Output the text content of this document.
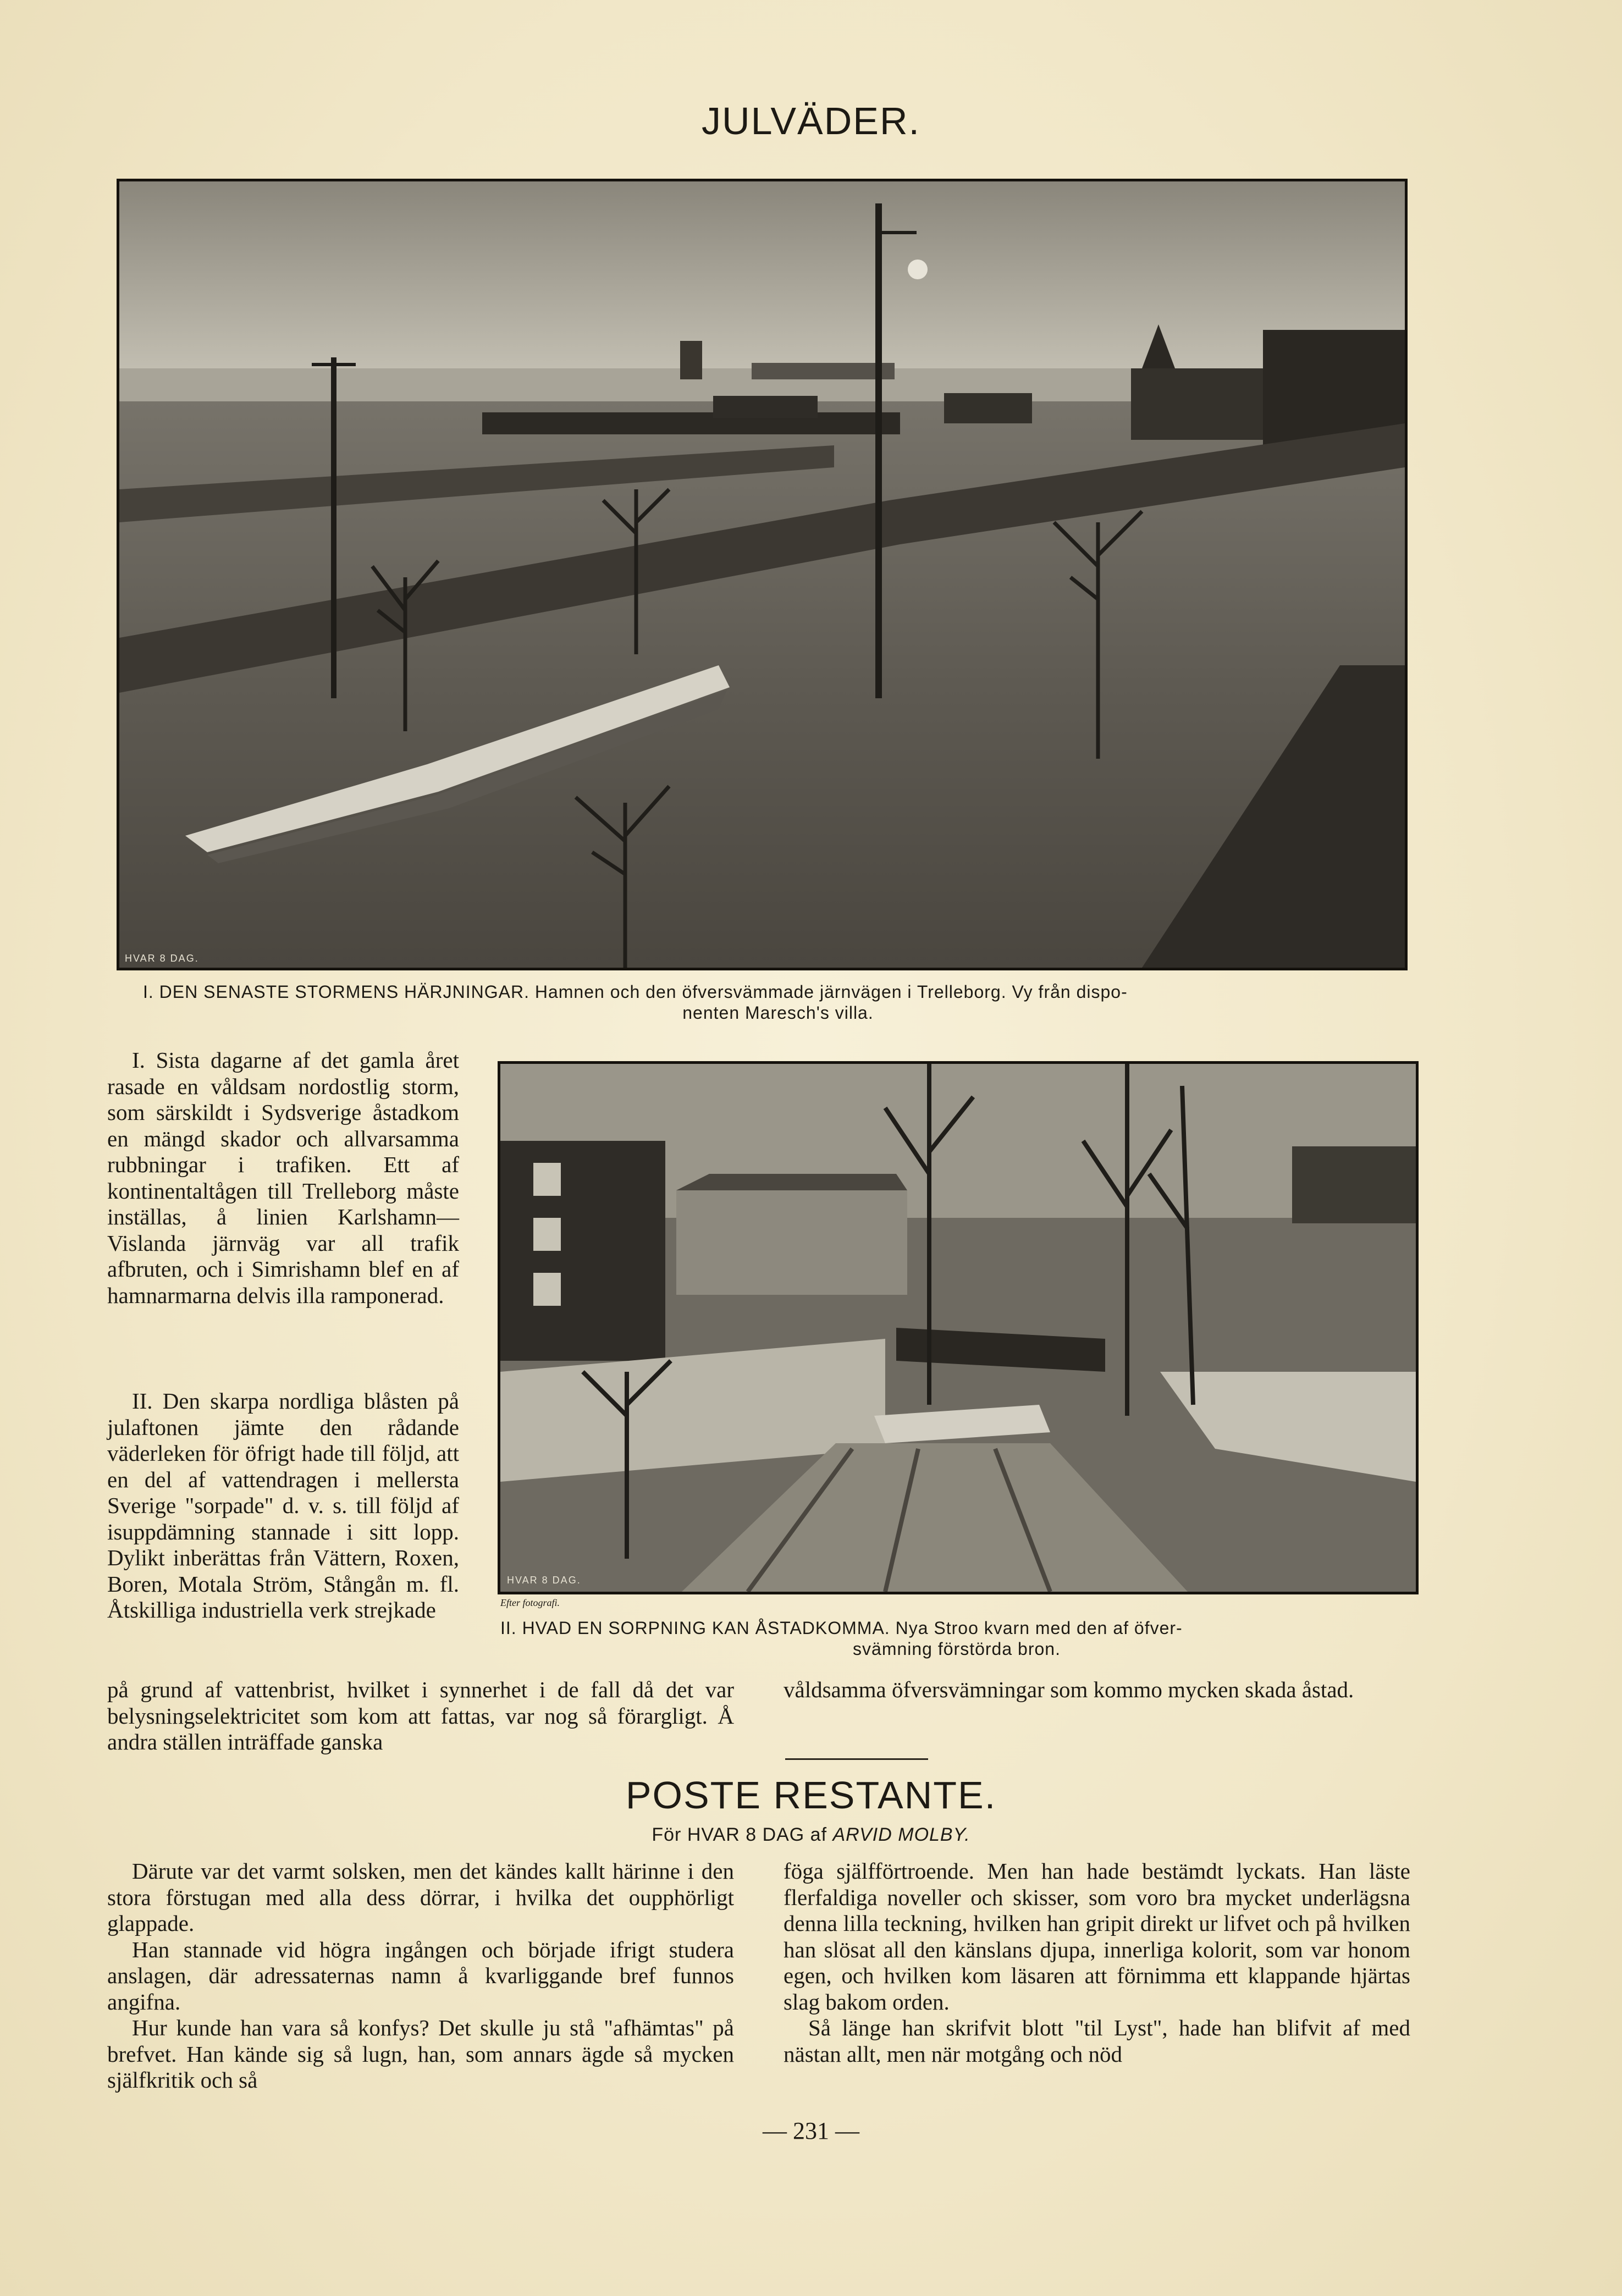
JULVÄDER.
HVAR 8 DAG.
I. DEN SENASTE STORMENS HÄRJNINGAR. Hamnen och den öfversvämmade järnvägen i Trelleborg. Vy från dispo-
nenten Maresch's villa.

I. Sista dagarne af det gamla året rasade en våldsam nordostlig storm, som särskildt i Sydsverige åstadkom en mängd skador och allvarsamma rubbningar i trafiken. Ett af kontinentaltågen till Trelleborg måste inställas, å linien Karlshamn—Vislanda järnväg var all trafik afbruten, och i Simrishamn blef en af hamnarmarna delvis illa ramponerad.

II. Den skarpa nordliga blåsten på julaftonen jämte den rådande väderleken för öfrigt hade till följd, att en del af vattendragen i mellersta Sverige "sorpade" d. v. s. till följd af isuppdämning stannade i sitt lopp. Dylikt inberättas från Vättern, Roxen, Boren, Motala Ström, Stångån m. fl. Åtskilliga industriella verk strejkade

HVAR 8 DAG.
Efter fotografi.
II. HVAD EN SORPNING KAN ÅSTADKOMMA. Nya Stroo kvarn med den af öfver-
svämning förstörda bron.

på grund af vattenbrist, hvilket i synnerhet i de fall då det var belysningselektricitet som kom att fattas, var nog så förargligt. Å andra ställen inträffade ganska

våldsamma öfversvämningar som kommo mycken skada åstad.

POSTE RESTANTE.
För HVAR 8 DAG af ARVID MOLBY.

Därute var det varmt solsken, men det kändes kallt härinne i den stora förstugan med alla dess dörrar, i hvilka det oupphörligt glappade.

Han stannade vid högra ingången och började ifrigt studera anslagen, där adressaternas namn å kvarliggande bref funnos angifna.

Hur kunde han vara så konfys? Det skulle ju stå "afhämtas" på brefvet. Han kände sig så lugn, han, som annars ägde så mycken själfkritik och så

föga själfförtroende. Men han hade bestämdt lyckats. Han läste flerfaldiga noveller och skisser, som voro bra mycket underlägsna denna lilla teckning, hvilken han gripit direkt ur lifvet och på hvilken han slösat all den känslans djupa, innerliga kolorit, som var honom egen, och hvilken kom läsaren att förnimma ett klappande hjärtas slag bakom orden.

Så länge han skrifvit blott "til Lyst", hade han blifvit af med nästan allt, men när motgång och nöd

— 231 —
